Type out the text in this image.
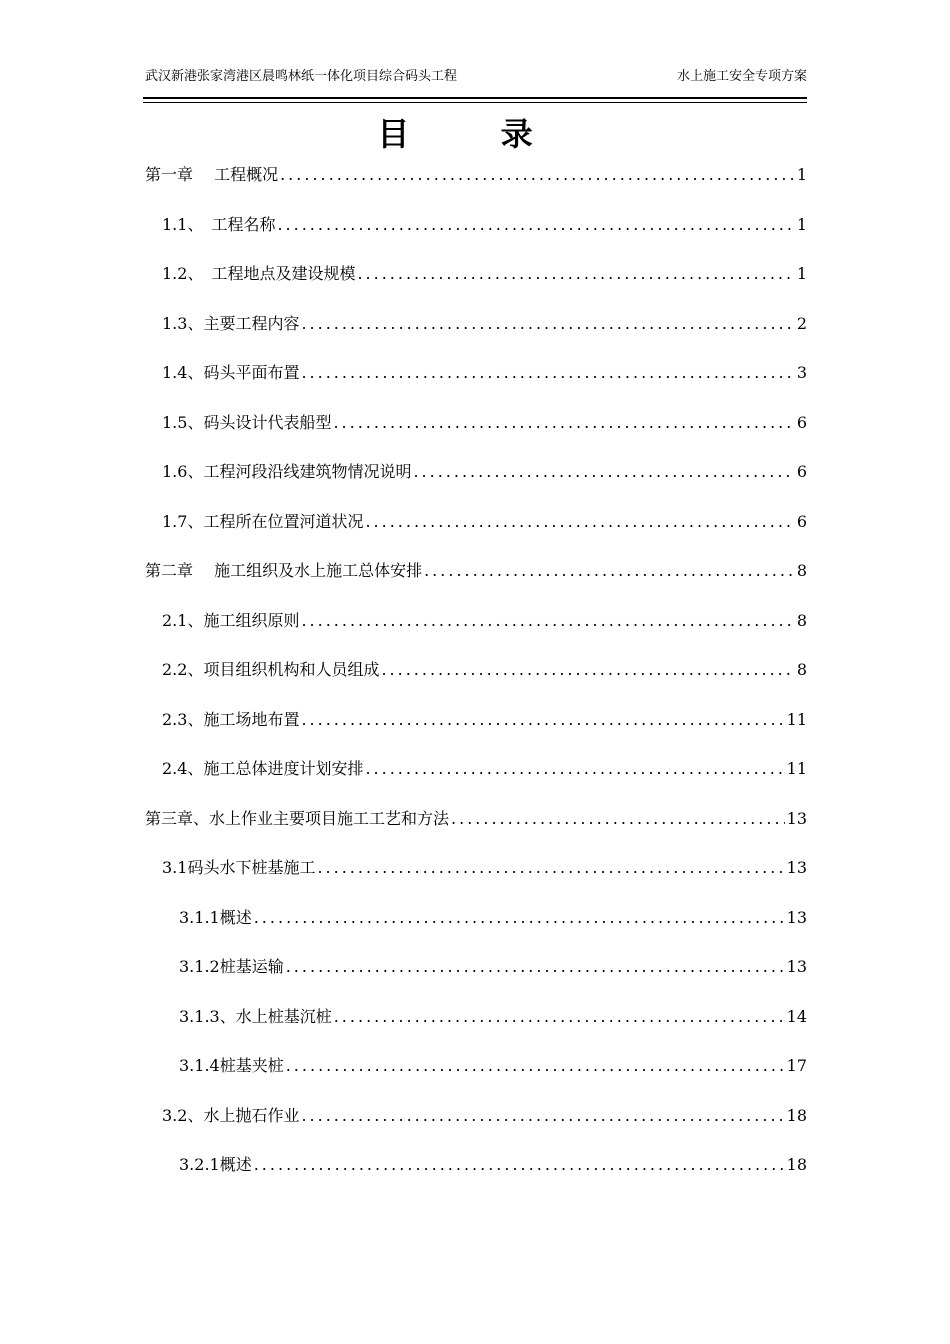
武汉新港张家湾港区晨鸣林纸一体化项目综合码头工程	水上施工安全专项方案
目 录
第一章　 工程概况 .....	1
1.1、　工程名称 .....	1
1.2、　工程地点及建设规模 .....	1
1.3、主要工程内容 .....	2
1.4、码头平面布置 .....	3
1.5、码头设计代表船型 .....	6
1.6、工程河段沿线建筑物情况说明 .....	6
1.7、工程所在位置河道状况 .....	6
第二章　 施工组织及水上施工总体安排 .....	8
2.1、施工组织原则 .....	8
2.2、项目组织机构和人员组成 .....	8
2.3、施工场地布置 .....	11
2.4、施工总体进度计划安排 .....	11
第三章、水上作业主要项目施工工艺和方法 .....	13
3.1码头水下桩基施工 .....	13
3.1.1概述 .....	13
3.1.2桩基运输 .....	13
3.1.3、水上桩基沉桩 .....	14
3.1.4桩基夹桩 .....	17
3.2、水上抛石作业 .....	18
3.2.1概述 .....	18
